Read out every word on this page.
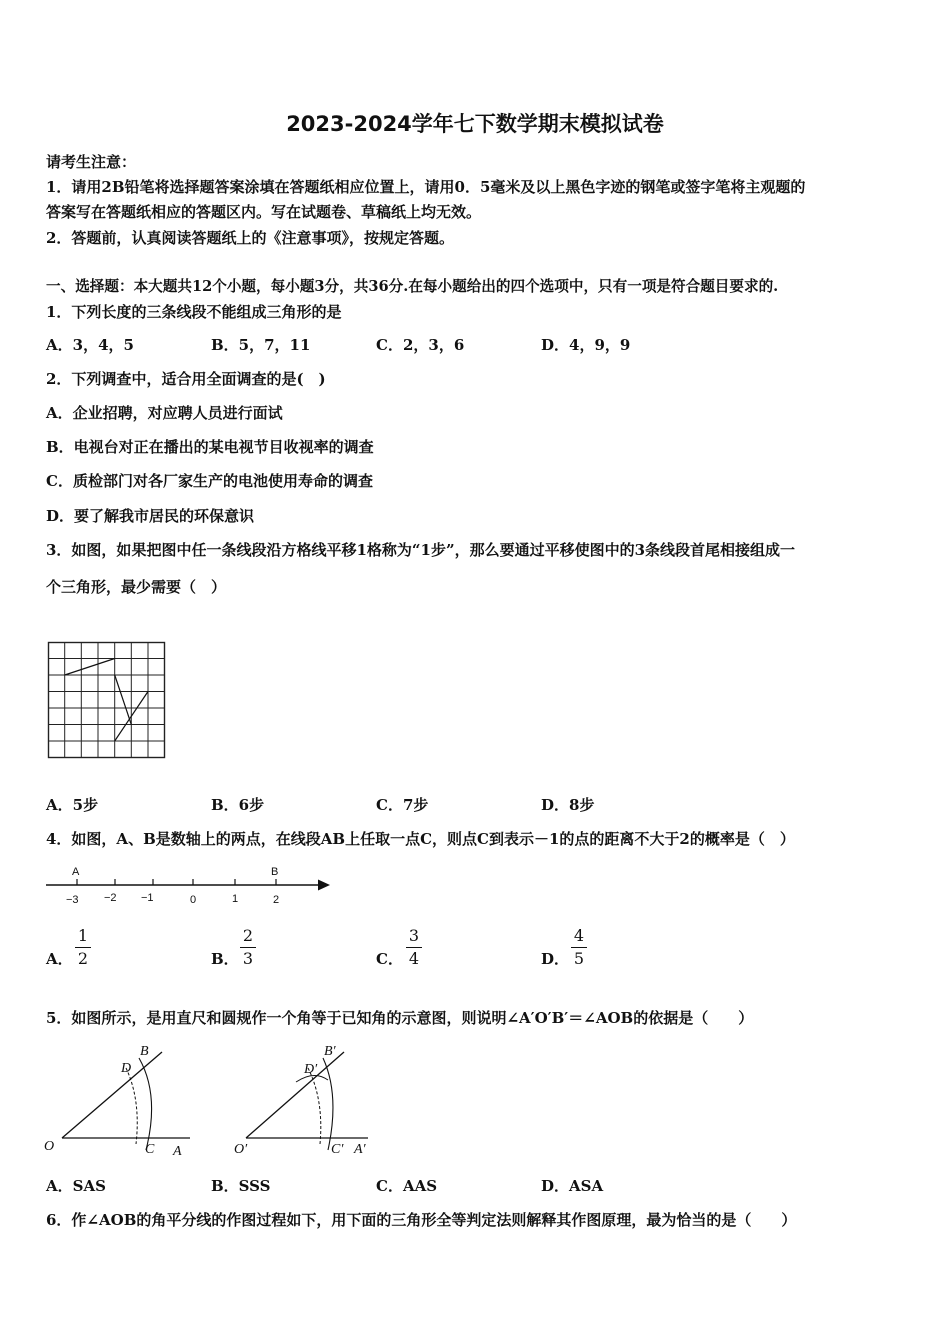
2023-2024学年七下数学期末模拟试卷
请考生注意：
1．请用2B铅笔将选择题答案涂填在答题纸相应位置上，请用0．5毫米及以上黑色字迹的钢笔或签字笔将主观题的
答案写在答题纸相应的答题区内。写在试题卷、草稿纸上均无效。
2．答题前，认真阅读答题纸上的《注意事项》，按规定答题。
一、选择题：本大题共12个小题，每小题3分，共36分.在每小题给出的四个选项中，只有一项是符合题目要求的.
1．下列长度的三条线段不能组成三角形的是
A．3，4，5	B．5，7，11	C．2，3，6	D．4，9，9
2．下列调查中，适合用全面调查的是(　)
A．企业招聘，对应聘人员进行面试
B．电视台对正在播出的某电视节目收视率的调查
C．质检部门对各厂家生产的电池使用寿命的调查
D．要了解我市居民的环保意识
3．如图，如果把图中任一条线段沿方格线平移1格称为“1步”，那么要通过平移使图中的3条线段首尾相接组成一
个三角形，最少需要（　）
A．5步	B．6步	C．7步	D．8步
4．如图，A、B是数轴上的两点，在线段AB上任取一点C，则点C到表示－1的点的距离不大于2的概率是（　）
A	B
−3 −2 −1	0	1	2
A．
1
2	B．
2
3	C．
3
4	D．
4
5
5．如图所示，是用直尺和圆规作一个角等于已知角的示意图，则说明∠A′O′B′＝∠AOB的依据是（　　）
B
D
O	C A
B′
D′
O′	C′ A′
A．SAS	B．SSS	C．AAS	D．ASA
6．作∠AOB的角平分线的作图过程如下，用下面的三角形全等判定法则解释其作图原理，最为恰当的是（　　）
